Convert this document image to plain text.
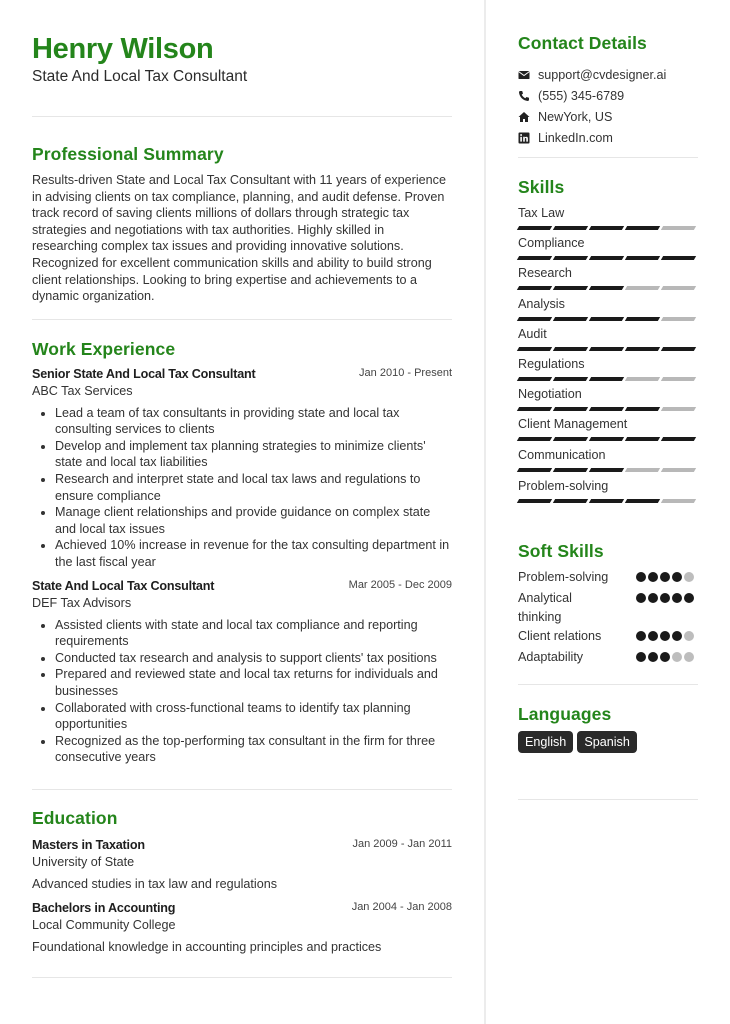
Henry Wilson
State And Local Tax Consultant
Professional Summary
Results-driven State and Local Tax Consultant with 11 years of experience in advising clients on tax compliance, planning, and audit defense. Proven track record of saving clients millions of dollars through strategic tax strategies and negotiations with tax authorities. Highly skilled in researching complex tax issues and providing innovative solutions. Recognized for excellent communication skills and ability to build strong client relationships. Looking to bring expertise and achievements to a dynamic organization.
Work Experience
Senior State And Local Tax Consultant	Jan 2010 - Present
ABC Tax Services
Lead a team of tax consultants in providing state and local tax consulting services to clients
Develop and implement tax planning strategies to minimize clients' state and local tax liabilities
Research and interpret state and local tax laws and regulations to ensure compliance
Manage client relationships and provide guidance on complex state and local tax issues
Achieved 10% increase in revenue for the tax consulting department in the last fiscal year
State And Local Tax Consultant	Mar 2005 - Dec 2009
DEF Tax Advisors
Assisted clients with state and local tax compliance and reporting requirements
Conducted tax research and analysis to support clients' tax positions
Prepared and reviewed state and local tax returns for individuals and businesses
Collaborated with cross-functional teams to identify tax planning opportunities
Recognized as the top-performing tax consultant in the firm for three consecutive years
Education
Masters in Taxation	Jan 2009 - Jan 2011
University of State
Advanced studies in tax law and regulations
Bachelors in Accounting	Jan 2004 - Jan 2008
Local Community College
Foundational knowledge in accounting principles and practices
Contact Details
support@cvdesigner.ai
(555) 345-6789
NewYork, US
LinkedIn.com
Skills
Tax Law
Compliance
Research
Analysis
Audit
Regulations
Negotiation
Client Management
Communication
Problem-solving
Soft Skills
Problem-solving
Analytical thinking
Client relations
Adaptability
Languages
English	Spanish
